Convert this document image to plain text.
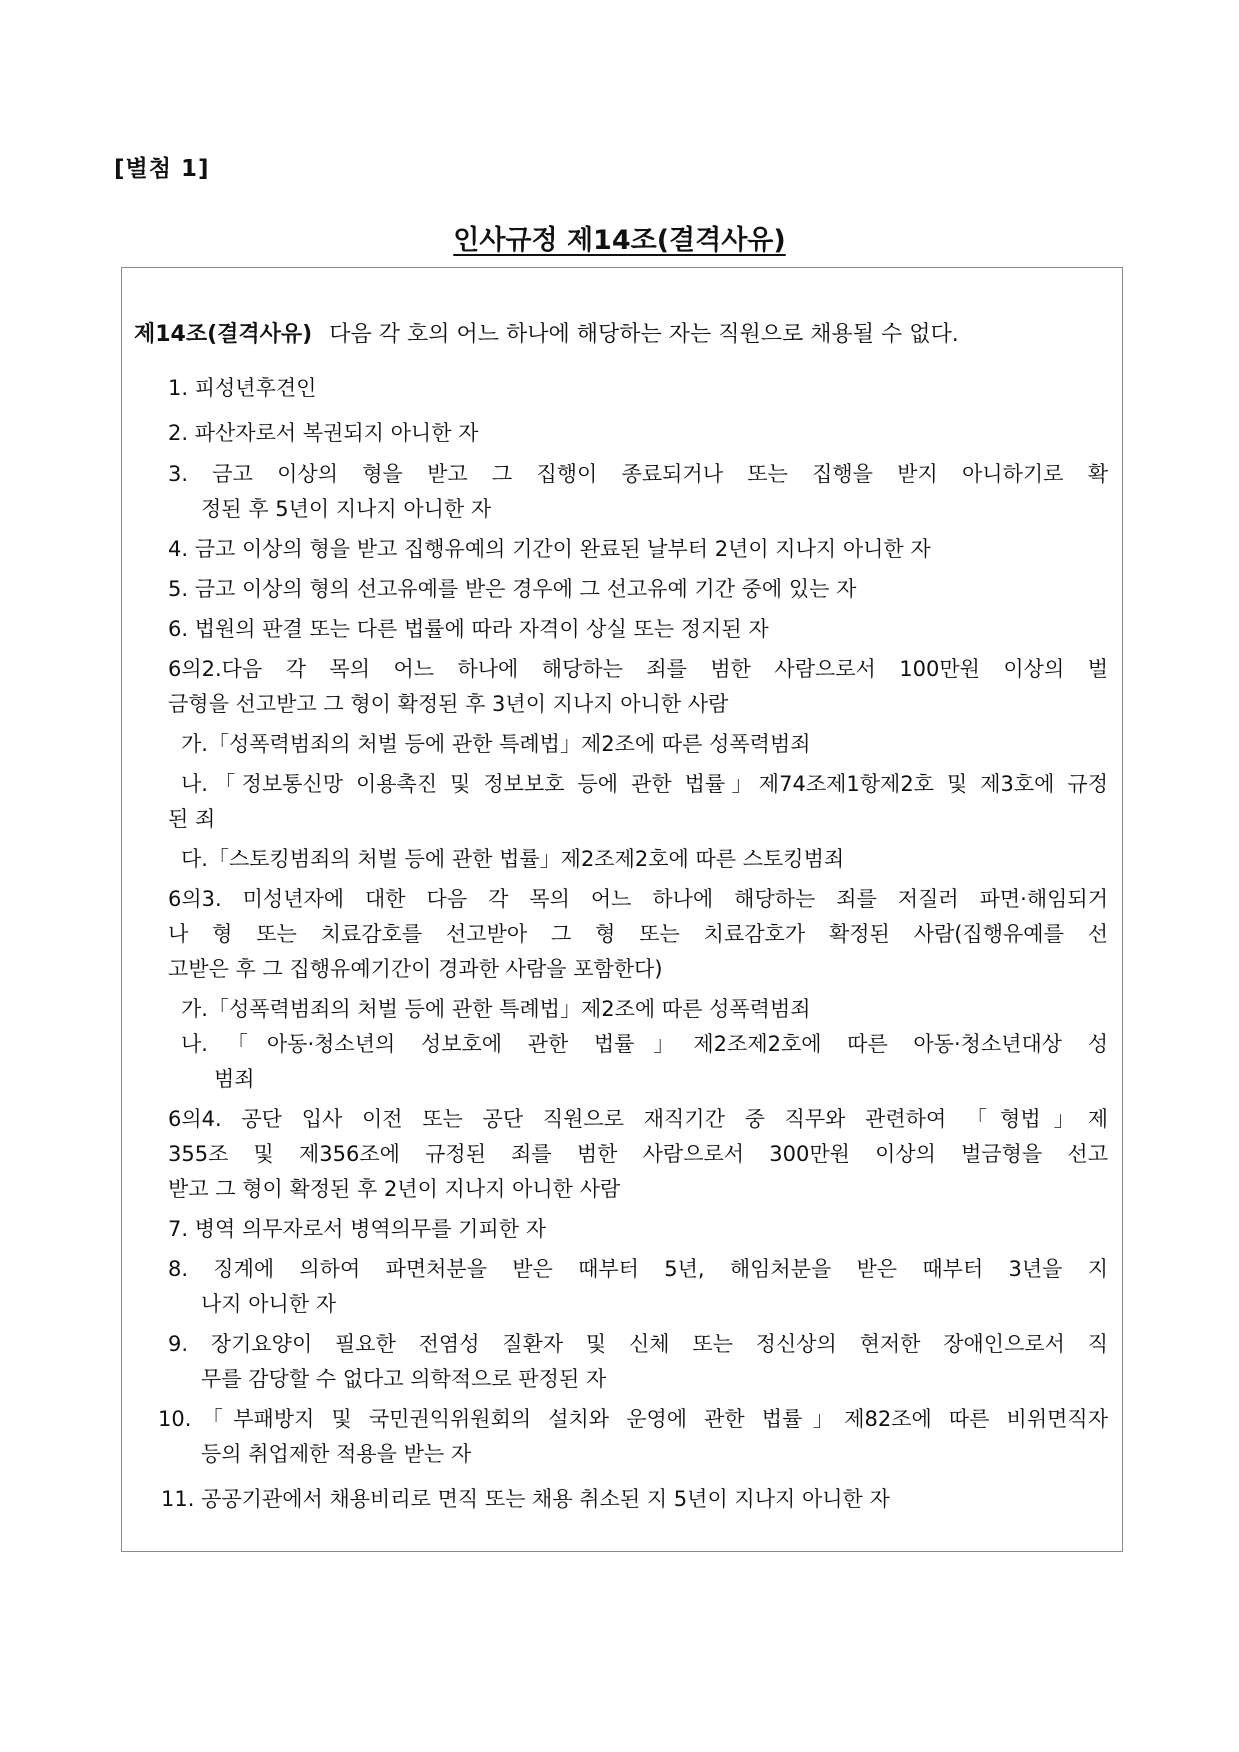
[별첨 1]
인사규정 제14조(결격사유)
제14조(결격사유) 다음 각 호의 어느 하나에 해당하는 자는 직원으로 채용될 수 없다.
1. 피성년후견인
2. 파산자로서 복권되지 아니한 자
3. 금고 이상의 형을 받고 그 집행이 종료되거나 또는 집행을 받지 아니하기로 확
정된 후 5년이 지나지 아니한 자
4. 금고 이상의 형을 받고 집행유예의 기간이 완료된 날부터 2년이 지나지 아니한 자
5. 금고 이상의 형의 선고유예를 받은 경우에 그 선고유예 기간 중에 있는 자
6. 법원의 판결 또는 다른 법률에 따라 자격이 상실 또는 정지된 자
6의2.다음 각 목의 어느 하나에 해당하는 죄를 범한 사람으로서 100만원 이상의 벌
금형을 선고받고 그 형이 확정된 후 3년이 지나지 아니한 사람
가.「성폭력범죄의 처벌 등에 관한 특례법」제2조에 따른 성폭력범죄
나.「정보통신망 이용촉진 및 정보보호 등에 관한 법률」제74조제1항제2호 및 제3호에 규정
된 죄
다.「스토킹범죄의 처벌 등에 관한 법률」제2조제2호에 따른 스토킹범죄
6의3. 미성년자에 대한 다음 각 목의 어느 하나에 해당하는 죄를 저질러 파면·해임되거
나 형 또는 치료감호를 선고받아 그 형 또는 치료감호가 확정된 사람(집행유예를 선
고받은 후 그 집행유예기간이 경과한 사람을 포함한다)
가.「성폭력범죄의 처벌 등에 관한 특례법」제2조에 따른 성폭력범죄
나.「아동·청소년의 성보호에 관한 법률」제2조제2호에 따른 아동·청소년대상 성
범죄
6의4. 공단 입사 이전 또는 공단 직원으로 재직기간 중 직무와 관련하여 「형법」제
355조 및 제356조에 규정된 죄를 범한 사람으로서 300만원 이상의 벌금형을 선고
받고 그 형이 확정된 후 2년이 지나지 아니한 사람
7. 병역 의무자로서 병역의무를 기피한 자
8. 징계에 의하여 파면처분을 받은 때부터 5년, 해임처분을 받은 때부터 3년을 지
나지 아니한 자
9. 장기요양이 필요한 전염성 질환자 및 신체 또는 정신상의 현저한 장애인으로서 직
무를 감당할 수 없다고 의학적으로 판정된 자
10.「부패방지 및 국민권익위원회의 설치와 운영에 관한 법률」제82조에 따른 비위면직자
등의 취업제한 적용을 받는 자
11. 공공기관에서 채용비리로 면직 또는 채용 취소된 지 5년이 지나지 아니한 자
